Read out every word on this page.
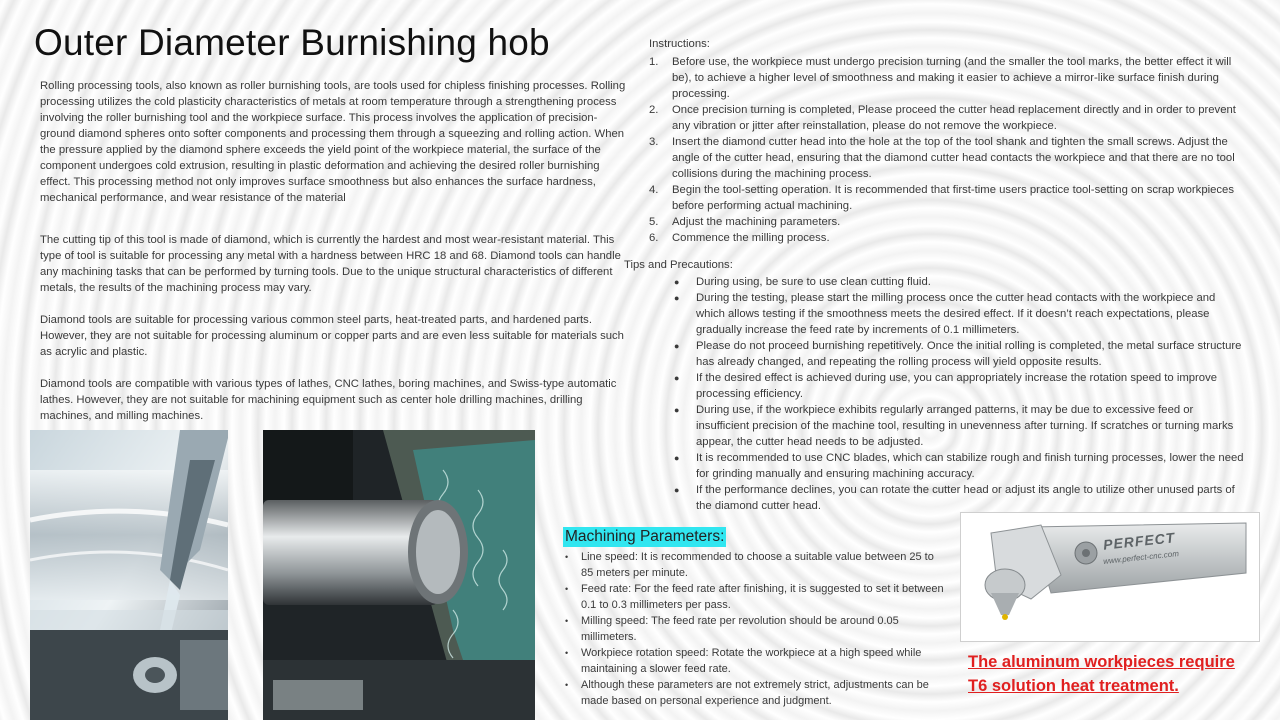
Outer Diameter Burnishing hob

Rolling processing tools, also known as roller burnishing tools, are tools used for chipless finishing processes. Rolling processing utilizes the cold plasticity characteristics of metals at room temperature through a strengthening process involving the roller burnishing tool and the workpiece surface. This process involves the application of precision-ground diamond spheres onto softer components and processing them through a squeezing and rolling action. When the pressure applied by the diamond sphere exceeds the yield point of the workpiece material, the surface of the component undergoes cold extrusion, resulting in plastic deformation and achieving the desired roller burnishing effect. This processing method not only improves surface smoothness but also enhances the surface hardness, mechanical performance, and wear resistance of the material

The cutting tip of this tool is made of diamond, which is currently the hardest and most wear-resistant material. This type of tool is suitable for processing any metal with a hardness between HRC 18 and 68. Diamond tools can handle any machining tasks that can be performed by turning tools. Due to the unique structural characteristics of different metals, the results of the machining process may vary.

Diamond tools are suitable for processing various common steel parts, heat-treated parts, and hardened parts. However, they are not suitable for processing aluminum or copper parts and are even less suitable for materials such as acrylic and plastic.

Diamond tools are compatible with various types of lathes, CNC lathes, boring machines, and Swiss-type automatic lathes. However, they are not suitable for machining equipment such as center hole drilling machines, drilling machines, and milling machines.

Instructions:
1. Before use, the workpiece must undergo precision turning (and the smaller the tool marks, the better effect it will be), to achieve a higher level of smoothness and making it easier to achieve a mirror-like surface finish during processing.
2. Once precision turning is completed, Please proceed the cutter head replacement directly and in order to prevent any vibration or jitter after reinstallation, please do not remove the workpiece.
3. Insert the diamond cutter head into the hole at the top of the tool shank and tighten the small screws. Adjust the angle of the cutter head, ensuring that the diamond cutter head contacts the workpiece and that there are no tool collisions during the machining process.
4. Begin the tool-setting operation. It is recommended that first-time users practice tool-setting on scrap workpieces before performing actual machining.
5. Adjust the machining parameters.
6. Commence the milling process.
Tips and Precautions:
● During using, be sure to use clean cutting fluid.
● During the testing, please start the milling process once the cutter head contacts with the workpiece and which allows testing if the smoothness meets the desired effect. If it doesn’t reach expectations, please gradually increase the feed rate by increments of 0.1 millimeters.
● Please do not proceed burnishing repetitively. Once the initial rolling is completed, the metal surface structure has already changed, and repeating the rolling process will yield opposite results.
● If the desired effect is achieved during use, you can appropriately increase the rotation speed to improve processing efficiency.
● During use, if the workpiece exhibits regularly arranged patterns, it may be due to excessive feed or insufficient precision of the machine tool, resulting in unevenness after turning. If scratches or turning marks appear, the cutter head needs to be adjusted.
● It is recommended to use CNC blades, which can stabilize rough and finish turning processes, lower the need for grinding manually and ensuring machining accuracy.
● If the performance declines, you can rotate the cutter head or adjust its angle to utilize other unused parts of the diamond cutter head.
Machining Parameters:
• Line speed: It is recommended to choose a suitable value between 25 to 85 meters per minute.
• Feed rate: For the feed rate after finishing, it is suggested to set it between 0.1 to 0.3 millimeters per pass.
• Milling speed: The feed rate per revolution should be around 0.05 millimeters.
• Workpiece rotation speed: Rotate the workpiece at a high speed while maintaining a slower feed rate.
• Although these parameters are not extremely strict, adjustments can be made based on personal experience and judgment.

The aluminum workpieces require
T6 solution heat treatment.

PERFECT
www.perfect-cnc.com
